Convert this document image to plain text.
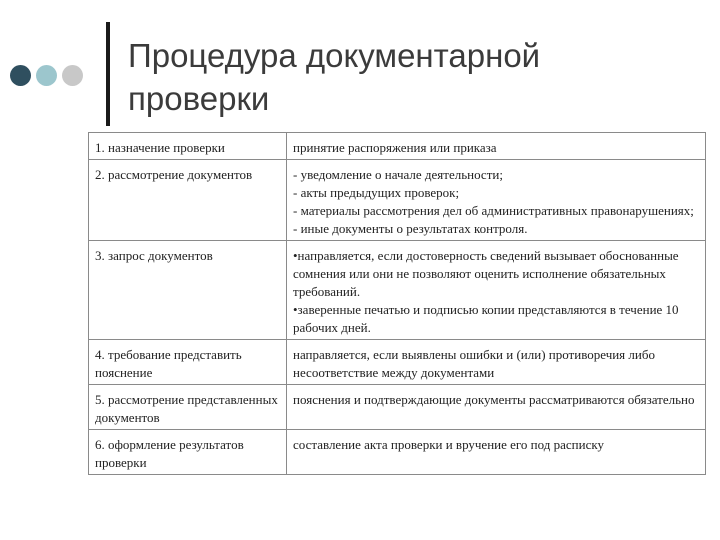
Процедура документарной проверки
1. назначение проверки	принятие распоряжения или приказа

2. рассмотрение документов	- уведомление о начале деятельности;
- акты предыдущих проверок;
- материалы рассмотрения дел об административных правонарушениях;
- иные документы о результатах контроля.

3. запрос документов	•направляется, если достоверность сведений вызывает обоснованные сомнения или они не позволяют оценить исполнение обязательных требований.
•заверенные печатью и подписью копии представляются в течение 10 рабочих дней.

4. требование представить пояснение	направляется, если выявлены ошибки и (или) противоречия либо несоответствие между документами

5. рассмотрение представленных документов	пояснения и подтверждающие документы рассматриваются обязательно

6. оформление результатов проверки	составление акта проверки и вручение его под расписку
